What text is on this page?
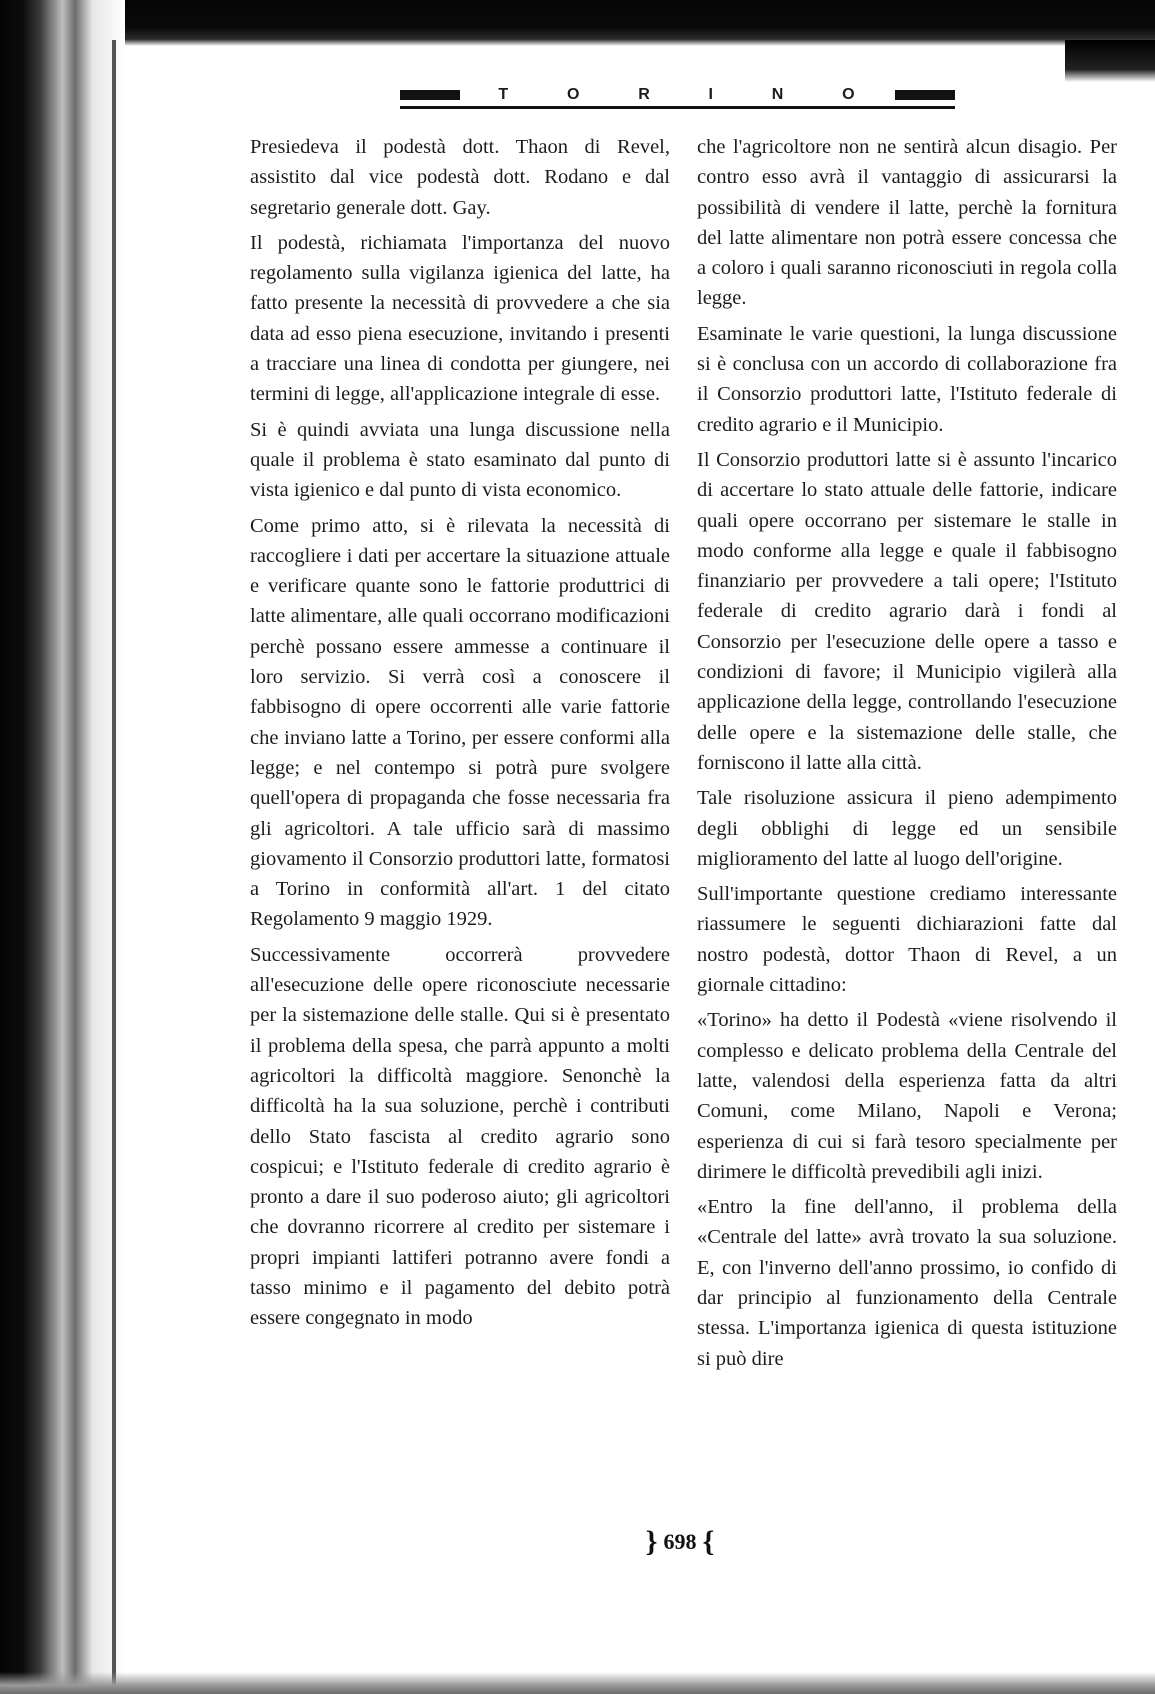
T	O	R	I	N	O

Presiedeva il podestà dott. Thaon di Revel, assistito dal vice podestà dott. Rodano e dal segretario generale dott. Gay.

Il podestà, richiamata l'importanza del nuovo regolamento sulla vigilanza igienica del latte, ha fatto presente la necessità di provvedere a che sia data ad esso piena esecuzione, invitando i presenti a tracciare una linea di condotta per giungere, nei termini di legge, all'applicazione integrale di esse.

Si è quindi avviata una lunga discussione nella quale il problema è stato esaminato dal punto di vista igienico e dal punto di vista economico.

Come primo atto, si è rilevata la necessità di raccogliere i dati per accertare la situazione attuale e verificare quante sono le fattorie produttrici di latte alimentare, alle quali occorrano modificazioni perchè possano essere ammesse a continuare il loro servizio. Si verrà così a conoscere il fabbisogno di opere occorrenti alle varie fattorie che inviano latte a Torino, per essere conformi alla legge; e nel contempo si potrà pure svolgere quell'opera di propaganda che fosse necessaria fra gli agricoltori. A tale ufficio sarà di massimo giovamento il Consorzio produttori latte, formatosi a Torino in conformità all'art. 1 del citato Regolamento 9 maggio 1929.

Successivamente occorrerà provvedere all'esecuzione delle opere riconosciute necessarie per la sistemazione delle stalle. Qui si è presentato il problema della spesa, che parrà appunto a molti agricoltori la difficoltà maggiore. Senonchè la difficoltà ha la sua soluzione, perchè i contributi dello Stato fascista al credito agrario sono cospicui; e l'Istituto federale di credito agrario è pronto a dare il suo poderoso aiuto; gli agricoltori che dovranno ricorrere al credito per sistemare i propri impianti lattiferi potranno avere fondi a tasso minimo e il pagamento del debito potrà essere congegnato in modo

che l'agricoltore non ne sentirà alcun disagio. Per contro esso avrà il vantaggio di assicurarsi la possibilità di vendere il latte, perchè la fornitura del latte alimentare non potrà essere concessa che a coloro i quali saranno riconosciuti in regola colla legge.

Esaminate le varie questioni, la lunga discussione si è conclusa con un accordo di collaborazione fra il Consorzio produttori latte, l'Istituto federale di credito agrario e il Municipio.

Il Consorzio produttori latte si è assunto l'incarico di accertare lo stato attuale delle fattorie, indicare quali opere occorrano per sistemare le stalle in modo conforme alla legge e quale il fabbisogno finanziario per provvedere a tali opere; l'Istituto federale di credito agrario darà i fondi al Consorzio per l'esecuzione delle opere a tasso e condizioni di favore; il Municipio vigilerà alla applicazione della legge, controllando l'esecuzione delle opere e la sistemazione delle stalle, che forniscono il latte alla città.

Tale risoluzione assicura il pieno adempimento degli obblighi di legge ed un sensibile miglioramento del latte al luogo dell'origine.

Sull'importante questione crediamo interessante riassumere le seguenti dichiarazioni fatte dal nostro podestà, dottor Thaon di Revel, a un giornale cittadino:

«Torino» ha detto il Podestà «viene risolvendo il complesso e delicato problema della Centrale del latte, valendosi della esperienza fatta da altri Comuni, come Milano, Napoli e Verona; esperienza di cui si farà tesoro specialmente per dirimere le difficoltà prevedibili agli inizi.

«Entro la fine dell'anno, il problema della «Centrale del latte» avrà trovato la sua soluzione. E, con l'inverno dell'anno prossimo, io confido di dar principio al funzionamento della Centrale stessa. L'importanza igienica di questa istituzione si può dire

} 698 {
